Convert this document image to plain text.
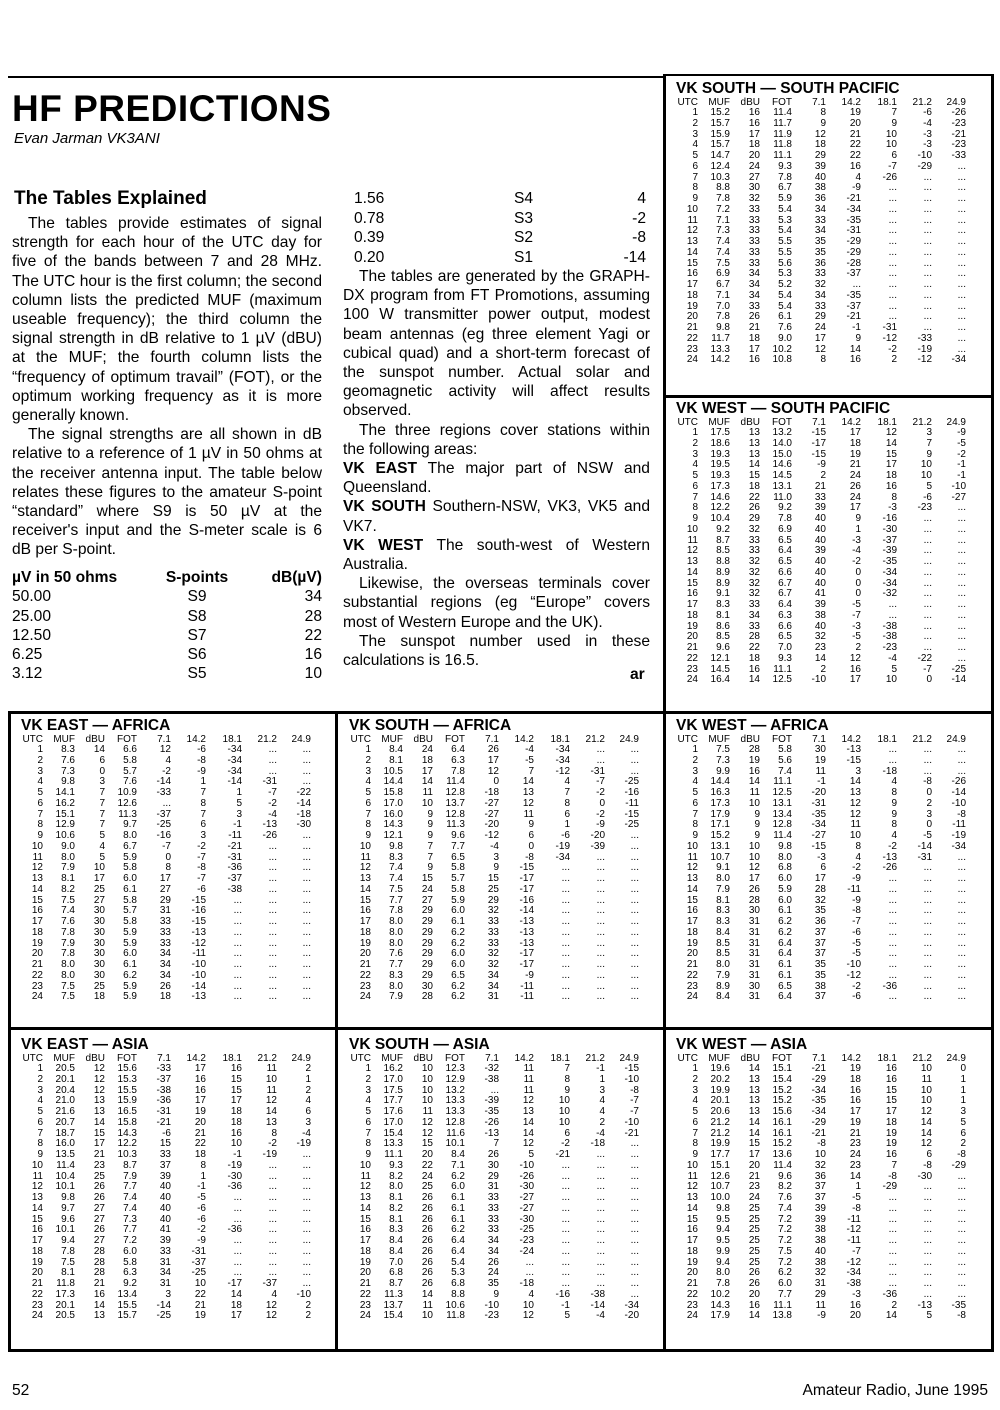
HF PREDICTIONS
Evan Jarman VK3ANI
The Tables Explained

The tables provide estimates of signal strength for each hour of the UTC day for five of the bands between 7 and 28 MHz. The UTC hour is the first column; the second column lists the predicted MUF (maximum useable frequency); the third column the signal strength in dB relative to 1 µV (dBU) at the MUF; the fourth column lists the “frequency of optimum travail” (FOT), or the optimum working frequency as it is more generally known.

The signal strengths are all shown in dB relative to a reference of 1 µV in 50 ohms at the receiver antenna input. The table below relates these figures to the amateur S-point “standard” where S9 is 50 µV at the receiver's input and the S-meter scale is 6 dB per S-point.

µV in 50 ohms	S-points	dB(µV)
50.00	S9	34
25.00	S8	28
12.50	S7	22
6.25	S6	16
3.12	S5	10
1.56	S4	4
0.78	S3	-2
0.39	S2	-8
0.20	S1	-14

The tables are generated by the GRAPH-DX program from FT Promotions, assuming 100 W transmitter power output, modest beam antennas (eg three element Yagi or cubical quad) and a short-term forecast of the sunspot number. Actual solar and geomagnetic activity will affect results observed.

The three regions cover stations within the following areas:

VK EAST The major part of NSW and Queensland.

VK SOUTH Southern-NSW, VK3, VK5 and VK7.

VK WEST The south-west of Western Australia.

Likewise, the overseas terminals cover substantial regions (eg “Europe” covers most of Western Europe and the UK).

The sunspot number used in these calculations is 16.5.

ar
VK SOUTH — SOUTH PACIFIC
UTC	MUF	dBU	FOT	7.1	14.2	18.1	21.2	24.9
1	15.2	16	11.4	8	19	7	-6	-26
2	15.7	16	11.7	9	20	9	-4	-23
3	15.9	17	11.9	12	21	10	-3	-21
4	15.7	18	11.8	18	22	10	-3	-23
5	14.7	20	11.1	29	22	6	-10	-33
6	12.4	24	9.3	39	16	-7	-29	...
7	10.3	27	7.8	40	4	-26	...	...
8	8.8	30	6.7	38	-9	...	...	...
9	7.8	32	5.9	36	-21	...	...	...
10	7.2	33	5.4	34	-34	...	...	...
11	7.1	33	5.3	33	-35	...	...	...
12	7.3	33	5.4	34	-31	...	...	...
13	7.4	33	5.5	35	-29	...	...	...
14	7.4	33	5.5	35	-29	...	...	...
15	7.5	33	5.6	36	-28	...	...	...
16	6.9	34	5.3	33	-37	...	...	...
17	6.7	34	5.2	32	...	...	...	...
18	7.1	34	5.4	34	-35	...	...	...
19	7.0	33	5.4	33	-37	...	...	...
20	7.8	26	6.1	29	-21	...	...	...
21	9.8	21	7.6	24	-1	-31	...	...
22	11.7	18	9.0	17	9	-12	-33	...
23	13.3	17	10.2	12	14	-2	-19	...
24	14.2	16	10.8	8	16	2	-12	-34
VK WEST — SOUTH PACIFIC
UTC	MUF	dBU	FOT	7.1	14.2	18.1	21.2	24.9
1	17.5	13	13.2	-15	17	12	3	-9
2	18.6	13	14.0	-17	18	14	7	-5
3	19.3	13	15.0	-15	19	15	9	-2
4	19.5	14	14.6	-9	21	17	10	-1
5	19.3	15	14.5	2	24	18	10	-1
6	17.3	18	13.1	21	26	16	5	-10
7	14.6	22	11.0	33	24	8	-6	-27
8	12.2	26	9.2	39	17	-3	-23	...
9	10.4	29	7.8	40	9	-16	...	...
10	9.2	32	6.9	40	1	-30	...	...
11	8.7	33	6.5	40	-3	-37	...	...
12	8.5	33	6.4	39	-4	-39	...	...
13	8.8	32	6.5	40	-2	-35	...	...
14	8.9	32	6.6	40	0	-34	...	...
15	8.9	32	6.7	40	0	-34	...	...
16	9.1	32	6.7	41	0	-32	...	...
17	8.3	33	6.4	39	-5	...	...	...
18	8.1	34	6.3	38	-7	...	...	...
19	8.6	33	6.6	40	-3	-38	...	...
20	8.5	28	6.5	32	-5	-38	...	...
21	9.6	22	7.0	23	2	-23	...	...
22	12.1	18	9.3	14	12	-4	-22	...
23	14.5	16	11.1	2	16	5	-7	-25
24	16.4	14	12.5	-10	17	10	0	-14
VK EAST — AFRICA
UTC	MUF	dBU	FOT	7.1	14.2	18.1	21.2	24.9
1	8.3	14	6.6	12	-6	-34	...	...
2	7.6	6	5.8	4	-8	-34	...	...
3	7.3	0	5.7	-2	-9	-34	...	...
4	9.8	3	7.6	-14	1	-14	-31	...
5	14.1	7	10.9	-33	7	1	-7	-22
6	16.2	7	12.6	...	8	5	-2	-14
7	15.1	7	11.3	-37	7	3	-4	-18
8	12.9	7	9.7	-25	6	-1	-13	-30
9	10.6	5	8.0	-16	3	-11	-26	...
10	9.0	4	6.7	-7	-2	-21	...	...
11	8.0	5	5.9	0	-7	-31	...	...
12	7.9	10	5.8	8	-8	-36	...	...
13	8.1	17	6.0	17	-7	-37	...	...
14	8.2	25	6.1	27	-6	-38	...	...
15	7.5	27	5.8	29	-15	...	...	...
16	7.4	30	5.7	31	-16	...	...	...
17	7.6	30	5.8	33	-15	...	...	...
18	7.8	30	5.9	33	-13	...	...	...
19	7.9	30	5.9	33	-12	...	...	...
20	7.8	30	6.0	34	-11	...	...	...
21	8.0	30	6.1	34	-10	...	...	...
22	8.0	30	6.2	34	-10	...	...	...
23	7.5	25	5.9	26	-14	...	...	...
24	7.5	18	5.9	18	-13	...	...	...
VK SOUTH — AFRICA
UTC	MUF	dBU	FOT	7.1	14.2	18.1	21.2	24.9
1	8.4	24	6.4	26	-4	-34	...	...
2	8.1	18	6.3	17	-5	-34	...	...
3	10.5	17	7.8	12	7	-12	-31	...
4	14.4	14	11.4	0	14	4	-7	-25
5	15.8	11	12.8	-18	13	7	-2	-16
6	17.0	10	13.7	-27	12	8	0	-11
7	16.0	9	12.8	-27	11	6	-2	-15
8	14.3	9	11.3	-20	9	1	-9	-25
9	12.1	9	9.6	-12	6	-6	-20	...
10	9.8	7	7.7	-4	0	-19	-39	...
11	8.3	7	6.5	3	-8	-34	...	...
12	7.4	9	5.8	9	-15	...	...	...
13	7.4	15	5.7	15	-17	...	...	...
14	7.5	24	5.8	25	-17	...	...	...
15	7.7	27	5.9	29	-16	...	...	...
16	7.8	29	6.0	32	-14	...	...	...
17	8.0	29	6.1	33	-13	...	...	...
18	8.0	29	6.2	33	-13	...	...	...
19	8.0	29	6.2	33	-13	...	...	...
20	7.6	29	6.0	32	-17	...	...	...
21	7.7	29	6.0	32	-17	...	...	...
22	8.3	29	6.5	34	-9	...	...	...
23	8.0	30	6.2	34	-11	...	...	...
24	7.9	28	6.2	31	-11	...	...	...
VK WEST — AFRICA
UTC	MUF	dBU	FOT	7.1	14.2	18.1	21.2	24.9
1	7.5	28	5.8	30	-13	...	...	...
2	7.3	19	5.6	19	-15	...	...	...
3	9.9	16	7.4	11	3	-18	...	...
4	14.4	14	11.1	-1	14	4	-8	-26
5	16.3	11	12.5	-20	13	8	0	-14
6	17.3	10	13.1	-31	12	9	2	-10
7	17.9	9	13.4	-35	12	9	3	-8
8	17.1	9	12.8	-34	11	8	0	-11
9	15.2	9	11.4	-27	10	4	-5	-19
10	13.1	10	9.8	-15	8	-2	-14	-34
11	10.7	10	8.0	-3	4	-13	-31	...
12	9.1	12	6.8	6	-2	-26	...	...
13	8.0	17	6.0	17	-9	...	...	...
14	7.9	26	5.9	28	-11	...	...	...
15	8.1	28	6.0	32	-9	...	...	...
16	8.3	30	6.1	35	-8	...	...	...
17	8.3	31	6.2	36	-7	...	...	...
18	8.4	31	6.2	37	-6	...	...	...
19	8.5	31	6.4	37	-5	...	...	...
20	8.5	31	6.4	37	-5	...	...	...
21	8.0	31	6.1	35	-10	...	...	...
22	7.9	31	6.1	35	-12	...	...	...
23	8.9	30	6.5	38	-2	-36	...	...
24	8.4	31	6.4	37	-6	...	...	...
VK EAST — ASIA
UTC	MUF	dBU	FOT	7.1	14.2	18.1	21.2	24.9
1	20.5	12	15.6	-33	17	16	11	2
2	20.1	12	15.3	-37	16	15	10	1
3	20.4	12	15.5	-38	16	15	11	2
4	21.0	13	15.9	-36	17	17	12	4
5	21.6	13	16.5	-31	19	18	14	6
6	20.7	14	15.8	-21	20	18	13	3
7	18.7	15	14.3	-6	21	16	8	-4
8	16.0	17	12.2	15	22	10	-2	-19
9	13.5	21	10.3	33	18	-1	-19	...
10	11.4	23	8.7	37	8	-19	...	...
11	10.4	25	7.9	39	1	-30	...	...
12	10.1	26	7.7	40	-1	-36	...	...
13	9.8	26	7.4	40	-5	...	...	...
14	9.7	27	7.4	40	-6	...	...	...
15	9.6	27	7.3	40	-6	...	...	...
16	10.1	26	7.7	41	-2	-36	...	...
17	9.4	27	7.2	39	-9	...	...	...
18	7.8	28	6.0	33	-31	...	...	...
19	7.5	28	5.8	31	-37	...	...	...
20	8.1	28	6.3	34	-25	...	...	...
21	11.8	21	9.2	31	10	-17	-37	...
22	17.3	16	13.4	3	22	14	4	-10
23	20.1	14	15.5	-14	21	18	12	2
24	20.5	13	15.7	-25	19	17	12	2
VK SOUTH — ASIA
UTC	MUF	dBU	FOT	7.1	14.2	18.1	21.2	24.9
1	16.2	10	12.3	-32	11	7	-1	-15
2	17.0	10	12.9	-38	11	8	1	-10
3	17.5	10	13.2	...	11	9	3	-8
4	17.7	10	13.3	-39	12	10	4	-7
5	17.6	11	13.3	-35	13	10	4	-7
6	17.0	12	12.8	-26	14	10	2	-10
7	15.4	12	11.6	-13	14	6	-4	-21
8	13.3	15	10.1	7	12	-2	-18	...
9	11.1	20	8.4	26	5	-21	...	...
10	9.3	22	7.1	30	-10	...	...	...
11	8.2	24	6.2	29	-26	...	...	...
12	8.0	25	6.0	31	-30	...	...	...
13	8.1	26	6.1	33	-27	...	...	...
14	8.2	26	6.1	33	-27	...	...	...
15	8.1	26	6.1	33	-30	...	...	...
16	8.3	26	6.2	33	-25	...	...	...
17	8.4	26	6.4	34	-23	...	...	...
18	8.4	26	6.4	34	-24	...	...	...
19	7.0	26	5.4	26	...	...	...	...
20	6.8	26	5.3	24	...	...	...	...
21	8.7	26	6.8	35	-18	...	...	...
22	11.3	14	8.8	9	4	-16	-38	...
23	13.7	11	10.6	-10	10	-1	-14	-34
24	15.4	10	11.8	-23	12	5	-4	-20
VK WEST — ASIA
UTC	MUF	dBU	FOT	7.1	14.2	18.1	21.2	24.9
1	19.6	14	15.1	-21	19	16	10	0
2	20.2	13	15.4	-29	18	16	11	1
3	19.9	13	15.2	-34	16	15	10	1
4	20.1	13	15.2	-35	16	15	10	1
5	20.6	13	15.6	-34	17	17	12	3
6	21.2	14	16.1	-29	19	18	14	5
7	21.2	14	16.1	-21	21	19	14	6
8	19.9	15	15.2	-8	23	19	12	2
9	17.7	17	13.6	10	24	16	6	-8
10	15.1	20	11.4	32	23	7	-8	-29
11	12.6	21	9.6	36	14	-8	-30	...
12	10.7	23	8.2	37	1	-29	...	...
13	10.0	24	7.6	37	-5	...	...	...
14	9.8	25	7.4	39	-8	...	...	...
15	9.5	25	7.2	39	-11	...	...	...
16	9.4	25	7.2	38	-12	...	...	...
17	9.5	25	7.2	38	-11	...	...	...
18	9.9	25	7.5	40	-7	...	...	...
19	9.4	25	7.2	38	-12	...	...	...
20	8.0	26	6.2	32	-34	...	...	...
21	7.8	26	6.0	31	-38	...	...	...
22	10.2	20	7.7	29	-3	-36	...	...
23	14.3	16	11.1	11	16	2	-13	-35
24	17.9	14	13.8	-9	20	14	5	-8
52	Amateur Radio, June 1995
